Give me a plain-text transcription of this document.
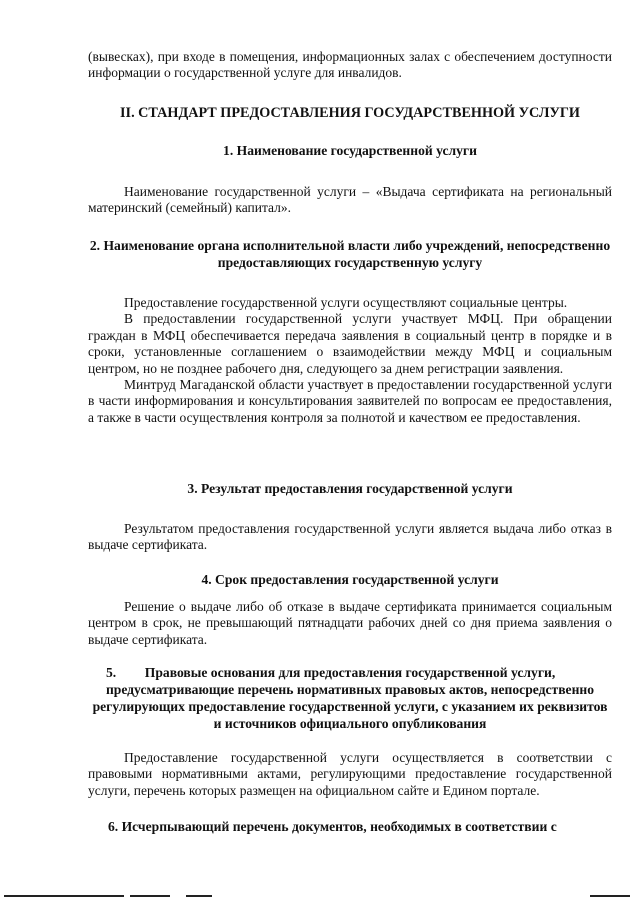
(вывесках), при входе в помещения, информационных залах с обеспечением доступности информации о государственной услуге для инвалидов.

II. СТАНДАРТ ПРЕДОСТАВЛЕНИЯ ГОСУДАРСТВЕННОЙ УСЛУГИ
1. Наименование государственной услуги

Наименование государственной услуги – «Выдача сертификата на региональный материнский (семейный) капитал».

2. Наименование органа исполнительной власти либо учреждений, непосредственно предоставляющих государственную услугу

Предоставление государственной услуги осуществляют социальные центры.

В предоставлении государственной услуги участвует МФЦ. При обращении граждан в МФЦ обеспечивается передача заявления в социальный центр в порядке и в сроки, установленные соглашением о взаимодействии между МФЦ и социальным центром, но не позднее рабочего дня, следующего за днем регистрации заявления.

Минтруд Магаданской области участвует в предоставлении государственной услуги в части информирования и консультирования заявителей по вопросам ее предоставления, а также в части осуществления контроля за полнотой и качеством ее предоставления.

3. Результат предоставления государственной услуги

Результатом предоставления государственной услуги является выдача либо отказ в выдаче сертификата.

4. Срок предоставления государственной услуги

Решение о выдаче либо об отказе в выдаче сертификата принимается социальным центром в срок, не превышающий пятнадцати рабочих дней со дня приема заявления о выдаче сертификата.

5.	Правовые основания для предоставления государственной услуги, предусматривающие перечень нормативных правовых актов, непосредственно регулирующих предоставление государственной услуги, с указанием их реквизитов и источников официального опубликования

Предоставление государственной услуги осуществляется в соответствии с правовыми нормативными актами, регулирующими предоставление государственной услуги, перечень которых размещен на официальном сайте и Едином портале.

6. Исчерпывающий перечень документов, необходимых в соответствии с
